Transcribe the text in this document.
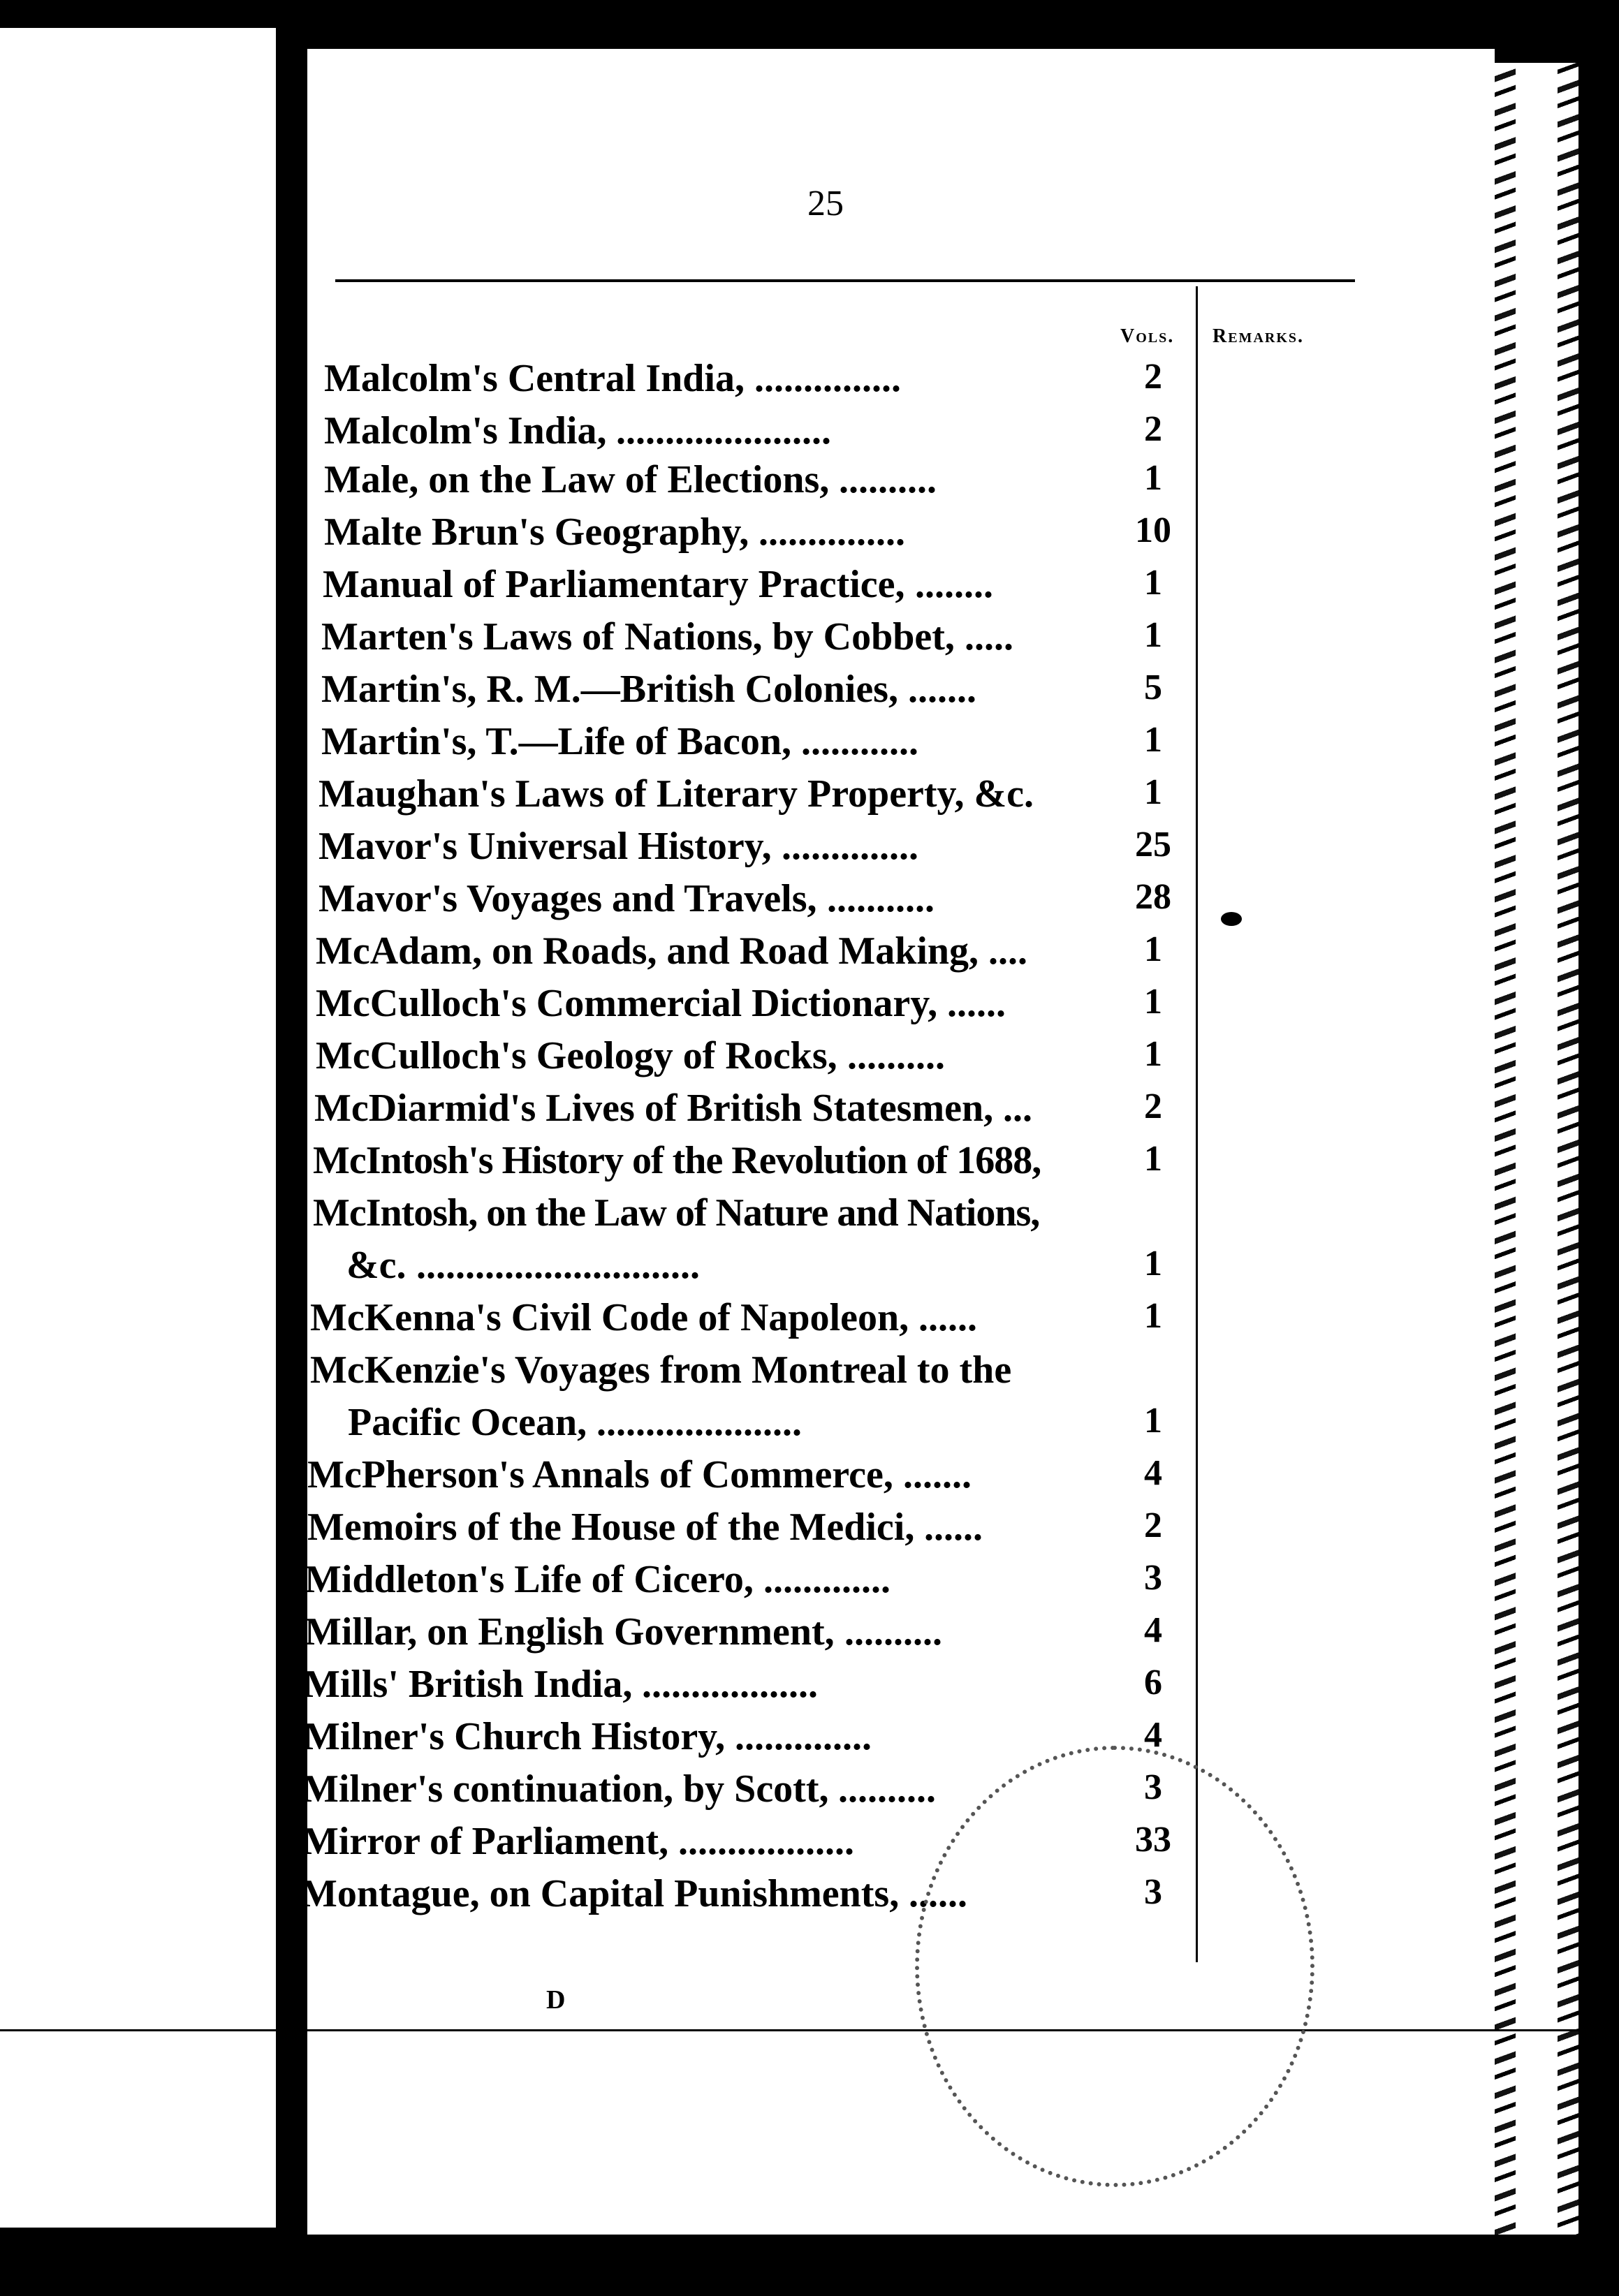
25
Vols. Remarks.
Malcolm's Central India, ...............	2
Malcolm's India, ......................	2
Male, on the Law of Elections, ..........	1
Malte Brun's Geography, ...............	10
Manual of Parliamentary Practice, ........	1
Marten's Laws of Nations, by Cobbet, .....	1
Martin's, R. M.—British Colonies, .......	5
Martin's, T.—Life of Bacon, ............	1
Maughan's Laws of Literary Property, &c.	1
Mavor's Universal History, ..............	25
Mavor's Voyages and Travels, ...........	28
McAdam, on Roads, and Road Making, ....	1
McCulloch's Commercial Dictionary, ......	1
McCulloch's Geology of Rocks, ..........	1
McDiarmid's Lives of British Statesmen, ...	2
McIntosh's History of the Revolution of 1688,	1
McIntosh, on the Law of Nature and Nations,
&c. .............................	1
McKenna's Civil Code of Napoleon, ......	1
McKenzie's Voyages from Montreal to the
Pacific Ocean, .....................	1
McPherson's Annals of Commerce, .......	4
Memoirs of the House of the Medici, ......	2
Middleton's Life of Cicero, .............	3
Millar, on English Government, ..........	4
Mills' British India, ..................	6
Milner's Church History, ..............	4
Milner's continuation, by Scott, ..........	3
Mirror of Parliament, ..................	33
Montague, on Capital Punishments, ......	3
D
